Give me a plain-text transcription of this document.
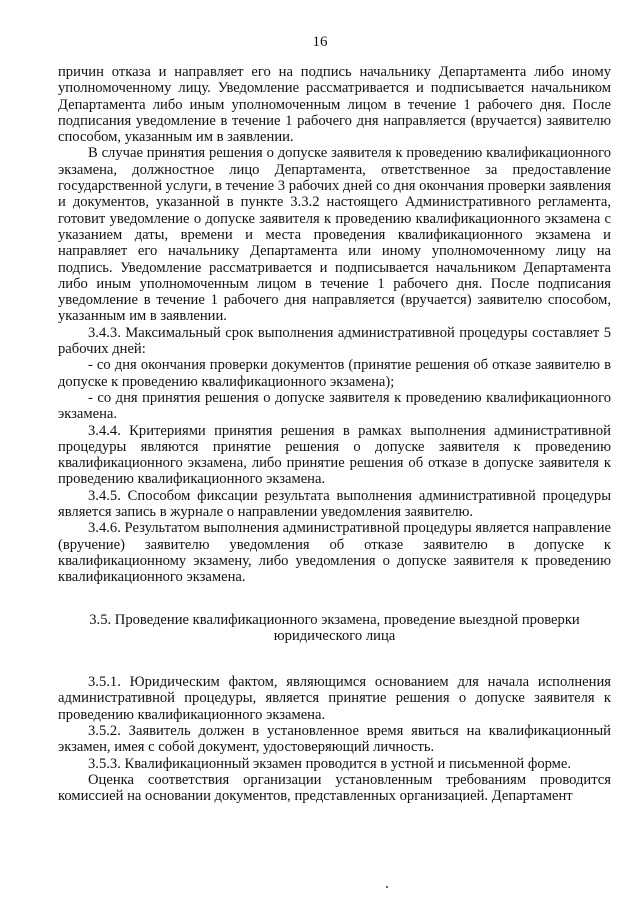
16

причин отказа и направляет его на подпись начальнику Департамента либо иному уполномоченному лицу. Уведомление рассматривается и подписывается начальником Департамента либо иным уполномоченным лицом в течение 1 рабочего дня. После подписания уведомление в течение 1 рабочего дня направляется (вручается) заявителю способом, указанным им в заявлении.

В случае принятия решения о допуске заявителя к проведению квалификационного экзамена, должностное лицо Департамента, ответственное за предоставление государственной услуги, в течение 3 рабочих дней со дня окончания проверки заявления и документов, указанной в пункте 3.3.2 настоящего Административного регламента, готовит уведомление о допуске заявителя к проведению квалификационного экзамена с указанием даты, времени и места проведения квалификационного экзамена и направляет его начальнику Департамента или иному уполномоченному лицу на подпись. Уведомление рассматривается и подписывается начальником Департамента либо иным уполномоченным лицом в течение 1 рабочего дня. После подписания уведомление в течение 1 рабочего дня направляется (вручается) заявителю способом, указанным им в заявлении.

3.4.3. Максимальный срок выполнения административной процедуры составляет 5 рабочих дней:

- со дня окончания проверки документов (принятие решения об отказе заявителю в допуске к проведению квалификационного экзамена);

- со дня принятия решения о допуске заявителя к проведению квалификационного экзамена.

3.4.4. Критериями принятия решения в рамках выполнения административной процедуры являются принятие решения о допуске заявителя к проведению квалификационного экзамена, либо принятие решения об отказе в допуске заявителя к проведению квалификационного экзамена.

3.4.5. Способом фиксации результата выполнения административной процедуры является запись в журнале о направлении уведомления заявителю.

3.4.6. Результатом выполнения административной процедуры является направление (вручение) заявителю уведомления об отказе заявителю в допуске к квалификационному экзамену, либо уведомления о допуске заявителя к проведению квалификационного экзамена.

3.5. Проведение квалификационного экзамена, проведение выездной проверки юридического лица

3.5.1. Юридическим фактом, являющимся основанием для начала исполнения административной процедуры, является принятие решения о допуске заявителя к проведению квалификационного экзамена.

3.5.2. Заявитель должен в установленное время явиться на квалификационный экзамен, имея с собой документ, удостоверяющий личность.

3.5.3. Квалификационный экзамен проводится в устной и письменной форме.

Оценка соответствия организации установленным требованиям проводится комиссией на основании документов, представленных организацией. Департамент
